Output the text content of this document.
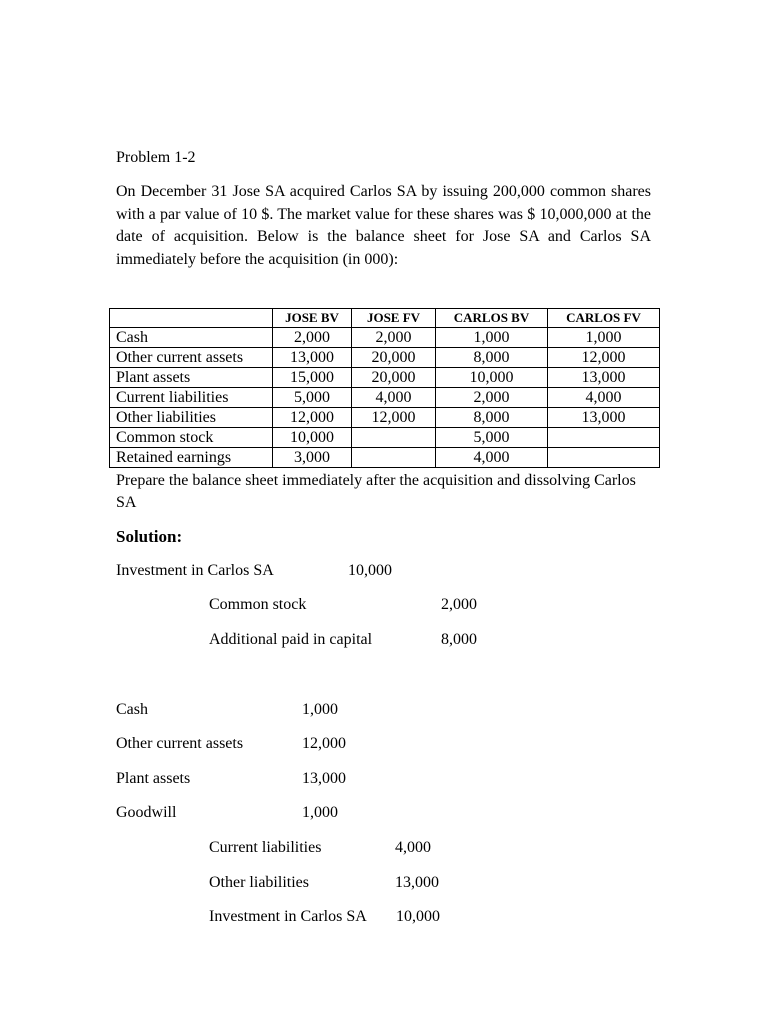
Problem 1-2
On December 31 Jose SA acquired Carlos SA by issuing 200,000 common shares with a par value of 10 $. The market value for these shares was $ 10,000,000 at the date of acquisition. Below is the balance sheet for Jose SA and Carlos SA immediately before the acquisition (in 000):
	JOSE BV	JOSE FV	CARLOS BV	CARLOS FV
Cash	2,000	2,000	1,000	1,000
Other current assets	13,000	20,000	8,000	12,000
Plant assets	15,000	20,000	10,000	13,000
Current liabilities	5,000	4,000	2,000	4,000
Other liabilities	12,000	12,000	8,000	13,000
Common stock	10,000		5,000	
Retained earnings	3,000		4,000	
Prepare the balance sheet immediately after the acquisition and dissolving Carlos SA
Solution:
Investment in Carlos SA	10,000
Common stock	2,000
Additional paid in capital	8,000
Cash	1,000
Other current assets	12,000
Plant assets	13,000
Goodwill	1,000
Current liabilities	4,000
Other liabilities	13,000
Investment in Carlos SA 10,000
